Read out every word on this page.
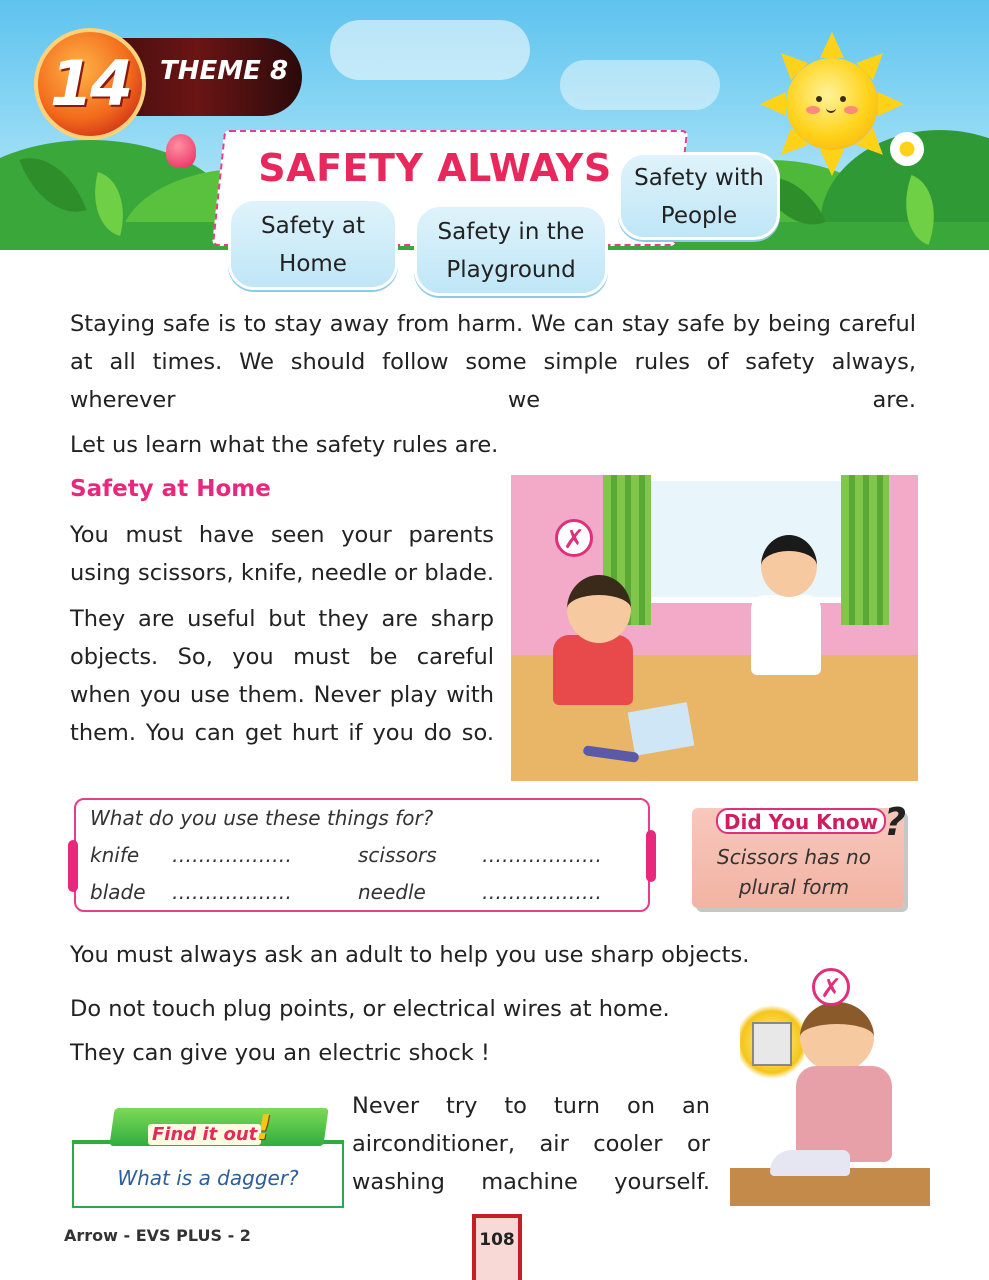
14	THEME 8
SAFETY ALWAYS
Safety at Home
Safety in the Playground
Safety with People
Staying safe is to stay away from harm. We can stay safe by being careful at all times. We should follow some simple rules of safety always, wherever we are.
Let us learn what the safety rules are.
Safety at Home
You must have seen your parents using scissors, knife, needle or blade.
They are useful but they are sharp objects. So, you must be careful when you use them. Never play with them. You can get hurt if you do so.
✗
What do you use these things for?
knife ………………	scissors ………………
blade ………………	needle	………………
Did You Know ?
Scissors has no plural form
You must always ask an adult to help you use sharp objects.
Do not touch plug points, or electrical wires at home.
They can give you an electric shock !
Never try to turn on an airconditioner, air cooler or washing machine yourself.
✗
Find it out
!
What is a dagger?
Arrow - EVS PLUS - 2	108
